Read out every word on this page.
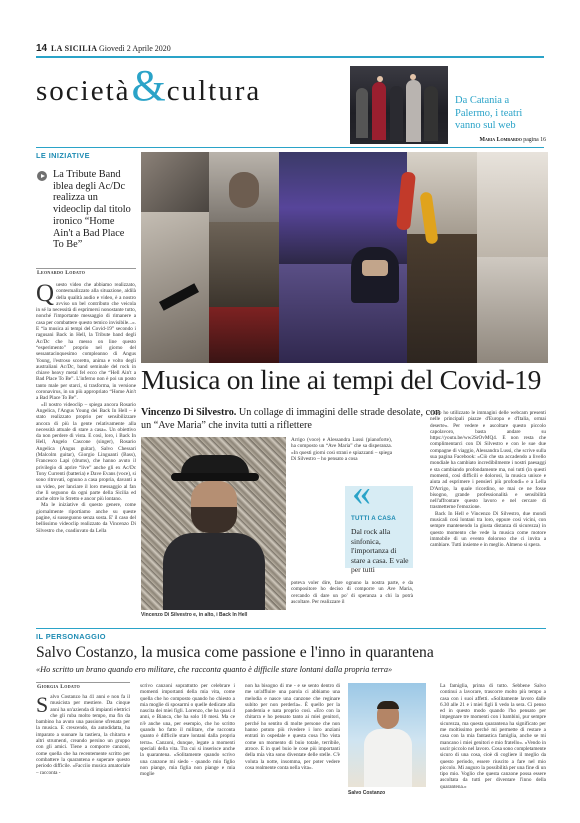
14 LA SICILIA Giovedì 2 Aprile 2020
società & cultura	Da Catania a Palermo, i teatri vanno sul web
Maria Lombardo pagina 16
LE INIZIATIVE
La Tribute Band iblea degli Ac/Dc realizza un videoclip dal titolo ironico “Home Ain't a Bad Place To Be”
Leonardo Lodato
Q uesto video che abbiamo realizzato, contestualizzato alla situazione, aldilà della qualità audio e video, è a nostro avviso un bel contributo che veicola in sé la necessità di esprimersi nonostante tutto, nonché l'importante messaggio di rimanere a casa per combattere questo temico invisibile...». E “la musica ai tempi del Covid-19” secondo i ragusani Back in Hell, la Tribute band degli Ac/Dc che ha messo on line questo “esperimento” proprio nel giorno del sessantacinquesimo compleanno di Angus Young, l'estroso scoretto, anima e volto degli australiani Ac/Dc, band seminale del rock in chiave heavy metal fel ecco che “Hell Ain't a Bad Place To Be”. L'inferno non è poi un posto tanto male per starci, si trasforma, in versione coronavirus, in un più appropriato “Home Ain't a Bad Place To Be”.

«Il nostro videoclip – spiega ancora Rosario Angelica, l'Angus Young dei Back In Hell – è stato realizzato proprio per sensibilizzare ancora di più la gente relativamente alla necessità attuale di stare a casa». Un obiettivo da non perdere di vista. E così, loro, i Back In Hell, Angelo Cascone (singer), Rosario Angelica (Angus guitar), Salvo Chessari (Malcolm guitar), Giorgio Linguanti (Bass), Francesco Lapi (drums), che hanno avuto il privilegio di aprire “live” anche gli ex Ac/Dc Tony Currenti (batteria) e Dave Evans (voce), si sono ritrovati, ognuno a casa propria, davanti a un video, per lanciare il loro messaggio al fan che li seguono da ogni parte della Sicilia ed anche oltre lo Stretto e ancor più lontano.

Ma le iniziative di questo genere, come giornalmente riportiamo anche su queste pagine, si susseguono senza sosta. E' il caso del bellissimo videoclip realizzato da Vincenzo Di Silvestro che, coadiuvato da Lella

Musica on line ai tempi del Covid-19
Vincenzo Di Silvestro. Un collage di immagini delle strade desolate, con un “Ave Maria” che invita tutti a riflettere
Vincenzo Di Silvestro e, in alto, i Back In Hell
Arrigo (voce) e Alessandra Lussi (pianoforte), ha composto un “Ave Maria” che sa disperanza. «In questi giorni così strani e spiazzanti – spiega Di Silvestro – ho pensato a cosa
«
TUTTI A CASA
Dal rock alla sinfonica, l'importanza di stare a casa. E vale per tutti
poteva voler dire, fare ognuno la nostra parte, e da compositore ho deciso di comporre un Ave Maria, cercando di dare un po' di speranza a chi la potrà ascoltare. Per realizzare il

video ho utilizzato le immagini delle webcam presenti nelle principali piazze d'Europa e d'Italia, ormai deserte». Per vedere e ascoltare questo piccolo capolavoro, basta andare su https://youtu.be/ww2SrOvMQ4. E non resta che complimentarci con Di Silvestro e con le sue due compagne di viaggio, Alessandra Lussi, che scrive sulla sua pagina Facebook: «Ciò che sta accadendo a livello mondiale ha cambiato incredibilmente i nostri paesaggi e sta cambiando profondamente ma, noi tutti (in questi momenti, così difficili e dolorosi, la musica unisce e aiuta ad esprimere i pensieri più profondi» e a Lella D'Arrigo, la quale ricordino, se mai ce ne fosse bisogno, grande professionalità e sensibilità nell'affrontare questo lavoro e nel cercare di trasmetterne l'emozione.

Back In Hell e Vincenzo Di Silvestro, due mondi musicali così lontani tra loro, eppure così vicini, con sempre mantenendo la giusta distanza di sicurezza) in questo momento che vede la musica come motore immobile di un evento doloroso che ci invita a cambiare. Tutti insieme e in meglio. Almeno si spera.

IL PERSONAGGIO
Salvo Costanzo, la musica come passione e l'inno in quarantena
«Ho scritto un brano quando ero militare, che racconta quanto è difficile stare lontani dalla propria terra»
Giorgia Lodato
S alvo Costanzo ha 41 anni e non fa il musicista per mestiere. Da cinque anni ha un'azienda di impianti elettrici che gli ruba molto tempo, ma fin da bambino ha avuto una passione sfrenata per la musica. E crescendo, da autodidatta, ha imparato a suonare la tastiera, la chitarra e altri strumenti, creando persino un gruppo con gli amici. Tiene a comporre canzoni, come quella che ha recentemente scritto per combattere la quarantena e superare questo periodo difficile. «Facciio musica amatoriale – racconta -
scrivo canzoni soprattutto per celebrare i momenti importanti della mia vita, come quella che ho composto quando ho chiesto a mia moglie di sposarmi o quelle dedicate alla nascita dei miei figli. Lorenzo, che ha quasi 4 anni, e Bianca, che ha solo 10 mesi. Ma ce n'è anche una, per esempio, che ho scritto quando ho fatto il militare, che racconta quanto è difficile stare lontani dalla propria terra». Canzoni, dunque, legate a momenti speciali della vita. Tra cui si inserisce anche la quarantena. «Solitamente quando scrivo una canzone mi siedo - quando mio figlio non piange, mia figlia non piange e mia moglie
non ha bisogno di me - e se sento dentro di me un'affluire una parola ci abbiamo una melodia e nasce una canzone che reginare subito per non perderla». È quello per la pandemia e nata proprio così. «Ero con la chitarra e ho pensato tanto ai miei genitori, perché ho sentito di molte persone che non hanno potuto più rivedere i loro anziani entrati in ospedale e questa cosa l'ho vista come un momento di buio totale, terribile, atroce. E in quel buio le cose più importanti della mia vita sono diventate delle stelle. C'è voluta la notte, insomma, per poter vedere cosa realmente conta nella vita».
Salvo Costanzo
La famiglia, prima di tutto. Sebbene Salvo continui a lavorare, trascorre molto più tempo a casa con i suoi affetti. «Solitamente lavoro dalle 6.30 alle 21 e i miei figli li vedo la sera. Ci penso ed in questo modo quando l'ho pensato per impegnare tre momenti con i bambini, pur sempre sicurezza, ma questa quarantena ha significato per me moltissimo perché mi permette di restare a casa con la mia fantastica famiglia, anche se mi mancano i miei genitori e mio fratello». «Vendo in uscir piccolo nel lavoro. Cosa sono completamente sicuro di una cosa, cioè di cogliere il meglio da questo periodo, essere riuscito a fare nel mio piccolo. Mi auguro la possibilità per una fine di un tipo mio. Voglio che questa canzone possa essere ascoltata da tutti per diventare l'inno della quarantena.»
